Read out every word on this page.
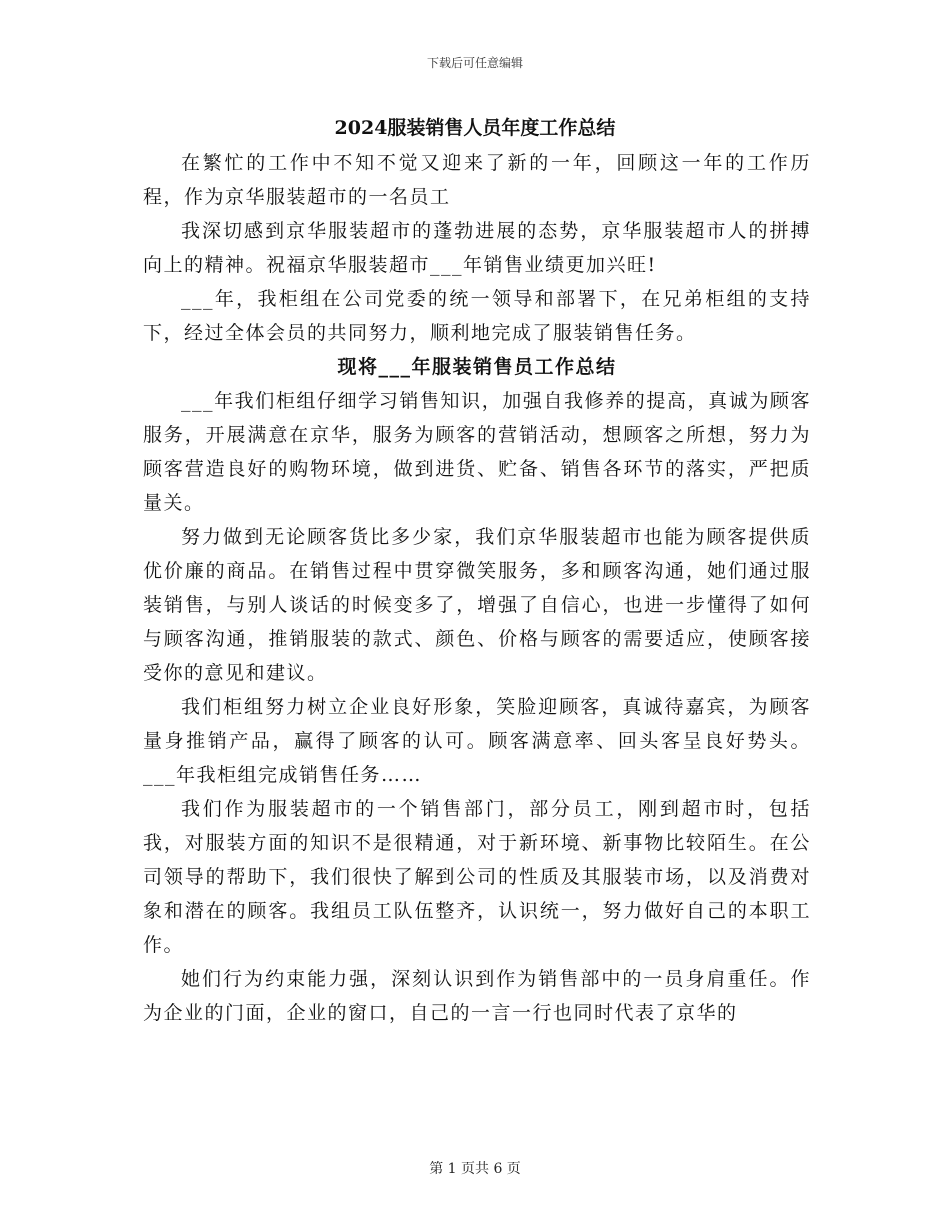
下载后可任意编辑
2024服装销售人员年度工作总结

在繁忙的工作中不知不觉又迎来了新的一年，回顾这一年的工作历程，作为京华服装超市的一名员工

我深切感到京华服装超市的蓬勃进展的态势，京华服装超市人的拼搏向上的精神。祝福京华服装超市___年销售业绩更加兴旺!

___年，我柜组在公司党委的统一领导和部署下，在兄弟柜组的支持下，经过全体会员的共同努力，顺利地完成了服装销售任务。

现将___年服装销售员工作总结

___年我们柜组仔细学习销售知识，加强自我修养的提高，真诚为顾客服务，开展满意在京华，服务为顾客的营销活动，想顾客之所想，努力为顾客营造良好的购物环境，做到进货、贮备、销售各环节的落实，严把质量关。

努力做到无论顾客货比多少家，我们京华服装超市也能为顾客提供质优价廉的商品。在销售过程中贯穿微笑服务，多和顾客沟通，她们通过服装销售，与别人谈话的时候变多了，增强了自信心，也进一步懂得了如何与顾客沟通，推销服装的款式、颜色、价格与顾客的需要适应，使顾客接受你的意见和建议。

我们柜组努力树立企业良好形象，笑脸迎顾客，真诚待嘉宾，为顾客量身推销产品，赢得了顾客的认可。顾客满意率、回头客呈良好势头。___年我柜组完成销售任务……

我们作为服装超市的一个销售部门，部分员工，刚到超市时，包括我，对服装方面的知识不是很精通，对于新环境、新事物比较陌生。在公司领导的帮助下，我们很快了解到公司的性质及其服装市场，以及消费对象和潜在的顾客。我组员工队伍整齐，认识统一，努力做好自己的本职工作。

她们行为约束能力强，深刻认识到作为销售部中的一员身肩重任。作为企业的门面，企业的窗口，自己的一言一行也同时代表了京华的

第 1 页共 6 页
